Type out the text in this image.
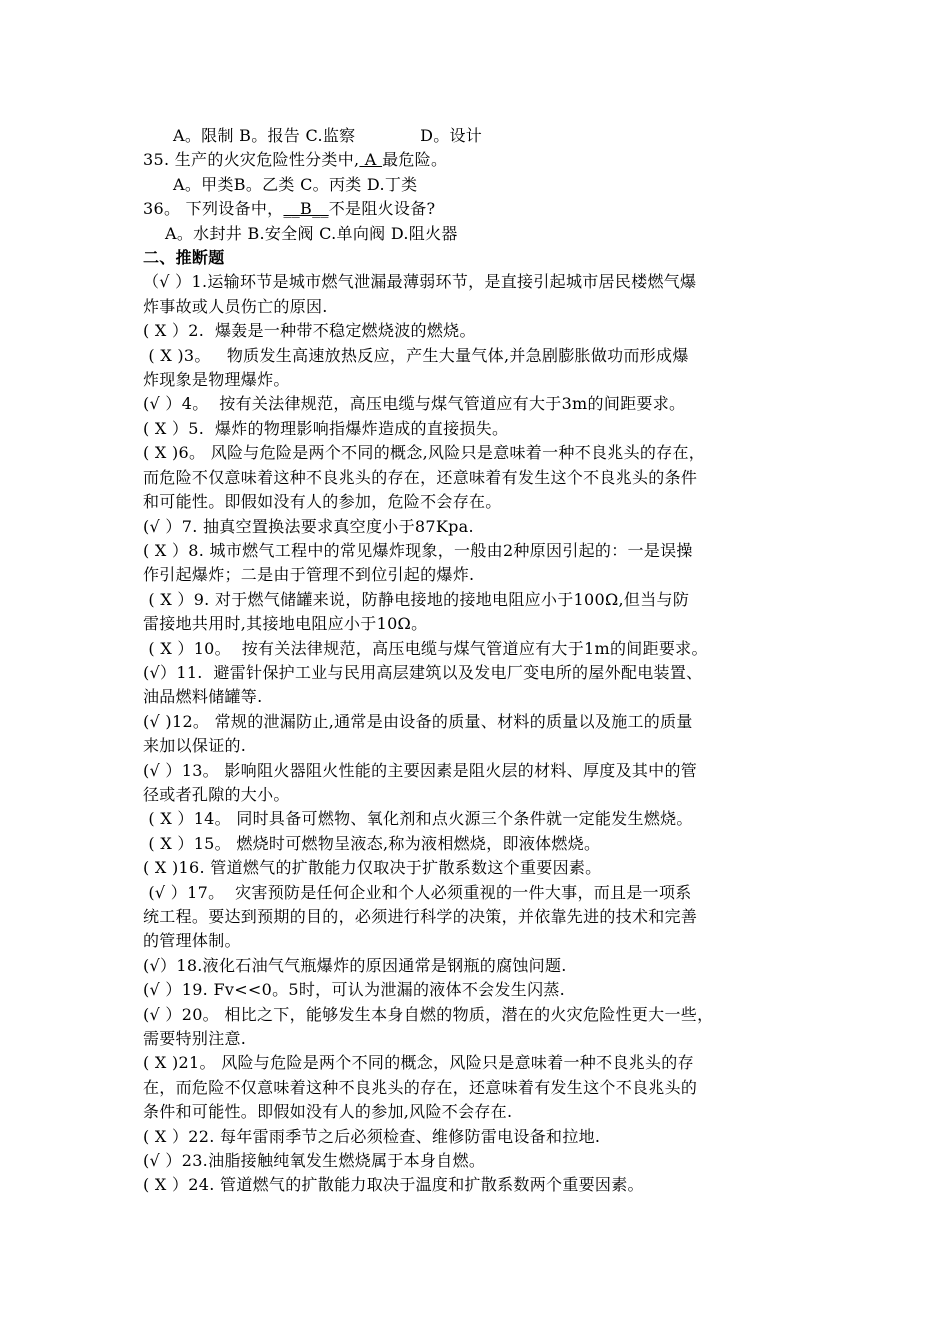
A。限制 B。报告 C.监察            D。设计
35. 生产的火灾危险性分类中, A 最危险。
A。甲类B。乙类 C。丙类 D.丁类
36。 下列设备中，__B__不是阻火设备?
A。水封井 B.安全阀 C.单向阀 D.阻火器
二、推断题
（√ ）1.运输环节是城市燃气泄漏最薄弱环节，是直接引起城市居民楼燃气爆
炸事故或人员伤亡的原因.
( X ）2.  爆轰是一种带不稳定燃烧波的燃烧。
( X )3。   物质发生高速放热反应，产生大量气体,并急剧膨胀做功而形成爆
炸现象是物理爆炸。
(√ ）4。  按有关法律规范，高压电缆与煤气管道应有大于3m的间距要求。
( X ）5.  爆炸的物理影响指爆炸造成的直接损失。
( X )6。 风险与危险是两个不同的概念,风险只是意味着一种不良兆头的存在，
而危险不仅意味着这种不良兆头的存在，还意味着有发生这个不良兆头的条件
和可能性。即假如没有人的参加，危险不会存在。
(√ ）7. 抽真空置换法要求真空度小于87Kpa.
( X ）8. 城市燃气工程中的常见爆炸现象，一般由2种原因引起的：一是误操
作引起爆炸；二是由于管理不到位引起的爆炸.
( X ）9. 对于燃气储罐来说，防静电接地的接地电阻应小于100Ω,但当与防
雷接地共用时,其接地电阻应小于10Ω。
( X ）10。  按有关法律规范，高压电缆与煤气管道应有大于1m的间距要求。
(√）11.  避雷针保护工业与民用高层建筑以及发电厂变电所的屋外配电装置、
油品燃料储罐等.
(√ )12。 常规的泄漏防止,通常是由设备的质量、材料的质量以及施工的质量
来加以保证的.
(√ ）13。 影响阻火器阻火性能的主要因素是阻火层的材料、厚度及其中的管
径或者孔隙的大小。
( X ）14。 同时具备可燃物、氧化剂和点火源三个条件就一定能发生燃烧。
( X ）15。 燃烧时可燃物呈液态,称为液相燃烧，即液体燃烧。
( X )16. 管道燃气的扩散能力仅取决于扩散系数这个重要因素。
(√ ）17。  灾害预防是任何企业和个人必须重视的一件大事，而且是一项系
统工程。要达到预期的目的，必须进行科学的决策，并依靠先进的技术和完善
的管理体制。
(√）18.液化石油气气瓶爆炸的原因通常是钢瓶的腐蚀问题.
(√ ）19. Fv<<0。5时，可认为泄漏的液体不会发生闪蒸.
(√ ）20。 相比之下，能够发生本身自燃的物质，潜在的火灾危险性更大一些，
需要特别注意.
( X )21。 风险与危险是两个不同的概念，风险只是意味着一种不良兆头的存
在，而危险不仅意味着这种不良兆头的存在，还意味着有发生这个不良兆头的
条件和可能性。即假如没有人的参加,风险不会存在.
( X ）22. 每年雷雨季节之后必须检查、维修防雷电设备和拉地.
(√ ）23.油脂接触纯氧发生燃烧属于本身自燃。
( X ）24. 管道燃气的扩散能力取决于温度和扩散系数两个重要因素。
